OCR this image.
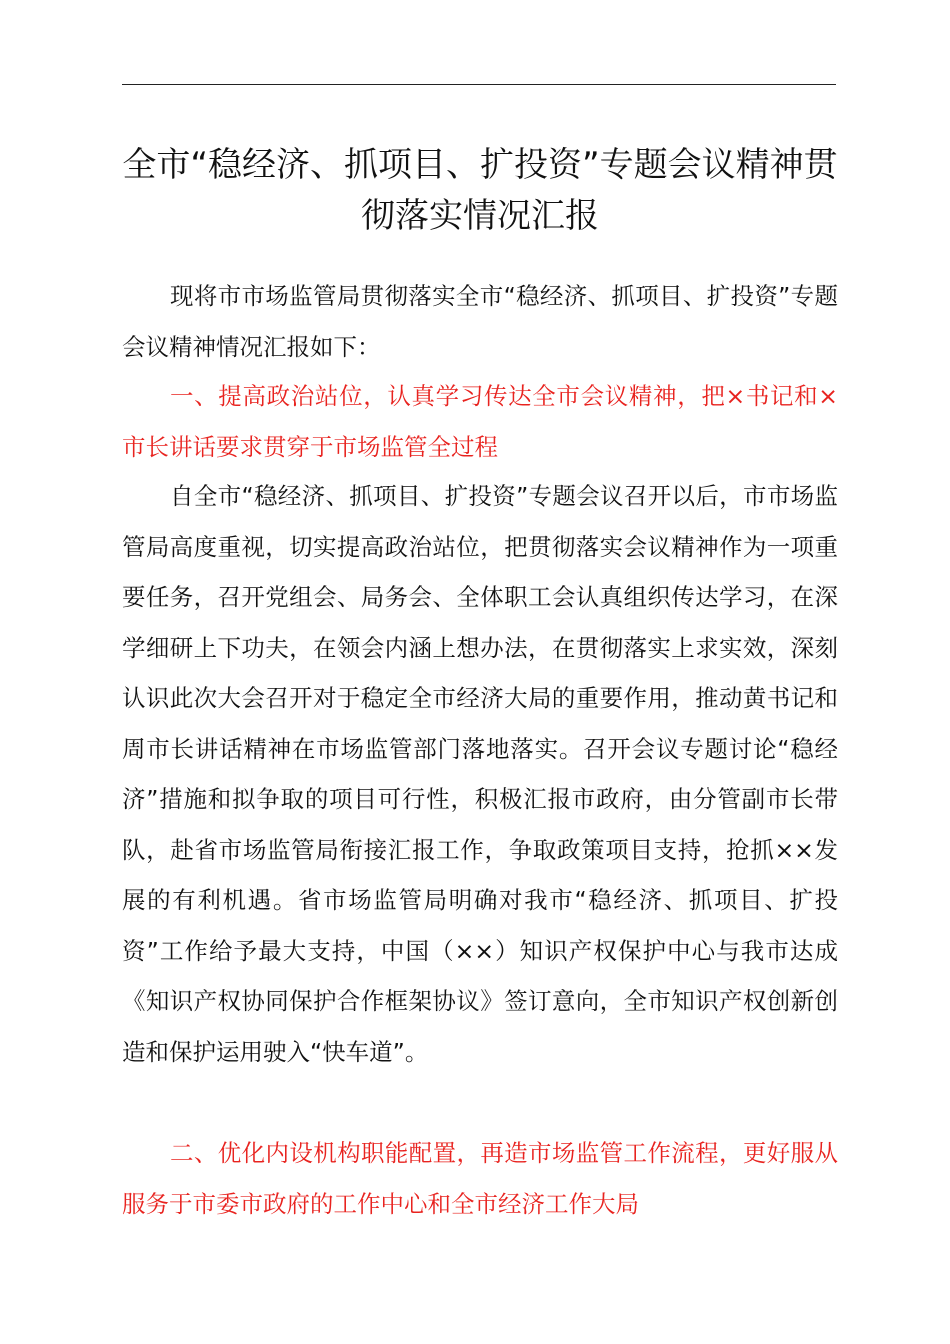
全市“稳经济、抓项目、扩投资”专题会议精神贯彻落实情况汇报

现将市市场监管局贯彻落实全市“稳经济、抓项目、扩投资”专题会议精神情况汇报如下：

一、提高政治站位，认真学习传达全市会议精神，把×书记和×市长讲话要求贯穿于市场监管全过程

自全市“稳经济、抓项目、扩投资”专题会议召开以后，市市场监管局高度重视，切实提高政治站位，把贯彻落实会议精神作为一项重要任务，召开党组会、局务会、全体职工会认真组织传达学习，在深学细研上下功夫，在领会内涵上想办法，在贯彻落实上求实效，深刻认识此次大会召开对于稳定全市经济大局的重要作用，推动黄书记和周市长讲话精神在市场监管部门落地落实。召开会议专题讨论“稳经济”措施和拟争取的项目可行性，积极汇报市政府，由分管副市长带队，赴省市场监管局衔接汇报工作，争取政策项目支持，抢抓××发展的有利机遇。省市场监管局明确对我市“稳经济、抓项目、扩投资”工作给予最大支持，中国（××）知识产权保护中心与我市达成《知识产权协同保护合作框架协议》签订意向，全市知识产权创新创造和保护运用驶入“快车道”。

二、优化内设机构职能配置，再造市场监管工作流程，更好服从服务于市委市政府的工作中心和全市经济工作大局
